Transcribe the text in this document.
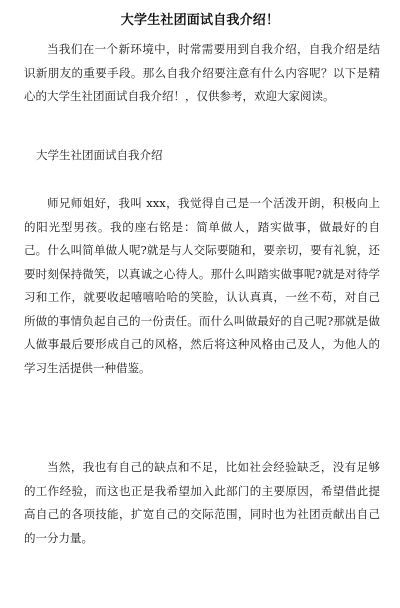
大学生社团面试自我介绍！

当我们在一个新环境中，时常需要用到自我介绍，自我介绍是结识新朋友的重要手段。那么自我介绍要注意有什么内容呢？以下是精心的大学生社团面试自我介绍！，仅供参考，欢迎大家阅读。

大学生社团面试自我介绍

师兄师姐好，我叫 xxx，我觉得自己是一个活泼开朗，积极向上的阳光型男孩。我的座右铭是：简单做人，踏实做事，做最好的自己。什么叫简单做人呢?就是与人交际要随和，要亲切，要有礼貌，还要时刻保持微笑，以真诚之心待人。那什么叫踏实做事呢?就是对待学习和工作，就要收起嘻嘻哈哈的笑脸，认认真真，一丝不苟，对自己所做的事情负起自己的一份责任。而什么叫做最好的自己呢?那就是做人做事最后要形成自己的风格，然后将这种风格由己及人，为他人的学习生活提供一种借鉴。

当然，我也有自己的缺点和不足，比如社会经验缺乏，没有足够的工作经验，而这也正是我希望加入此部门的主要原因，希望借此提高自己的各项技能，扩宽自己的交际范围，同时也为社团贡献出自己的一分力量。
